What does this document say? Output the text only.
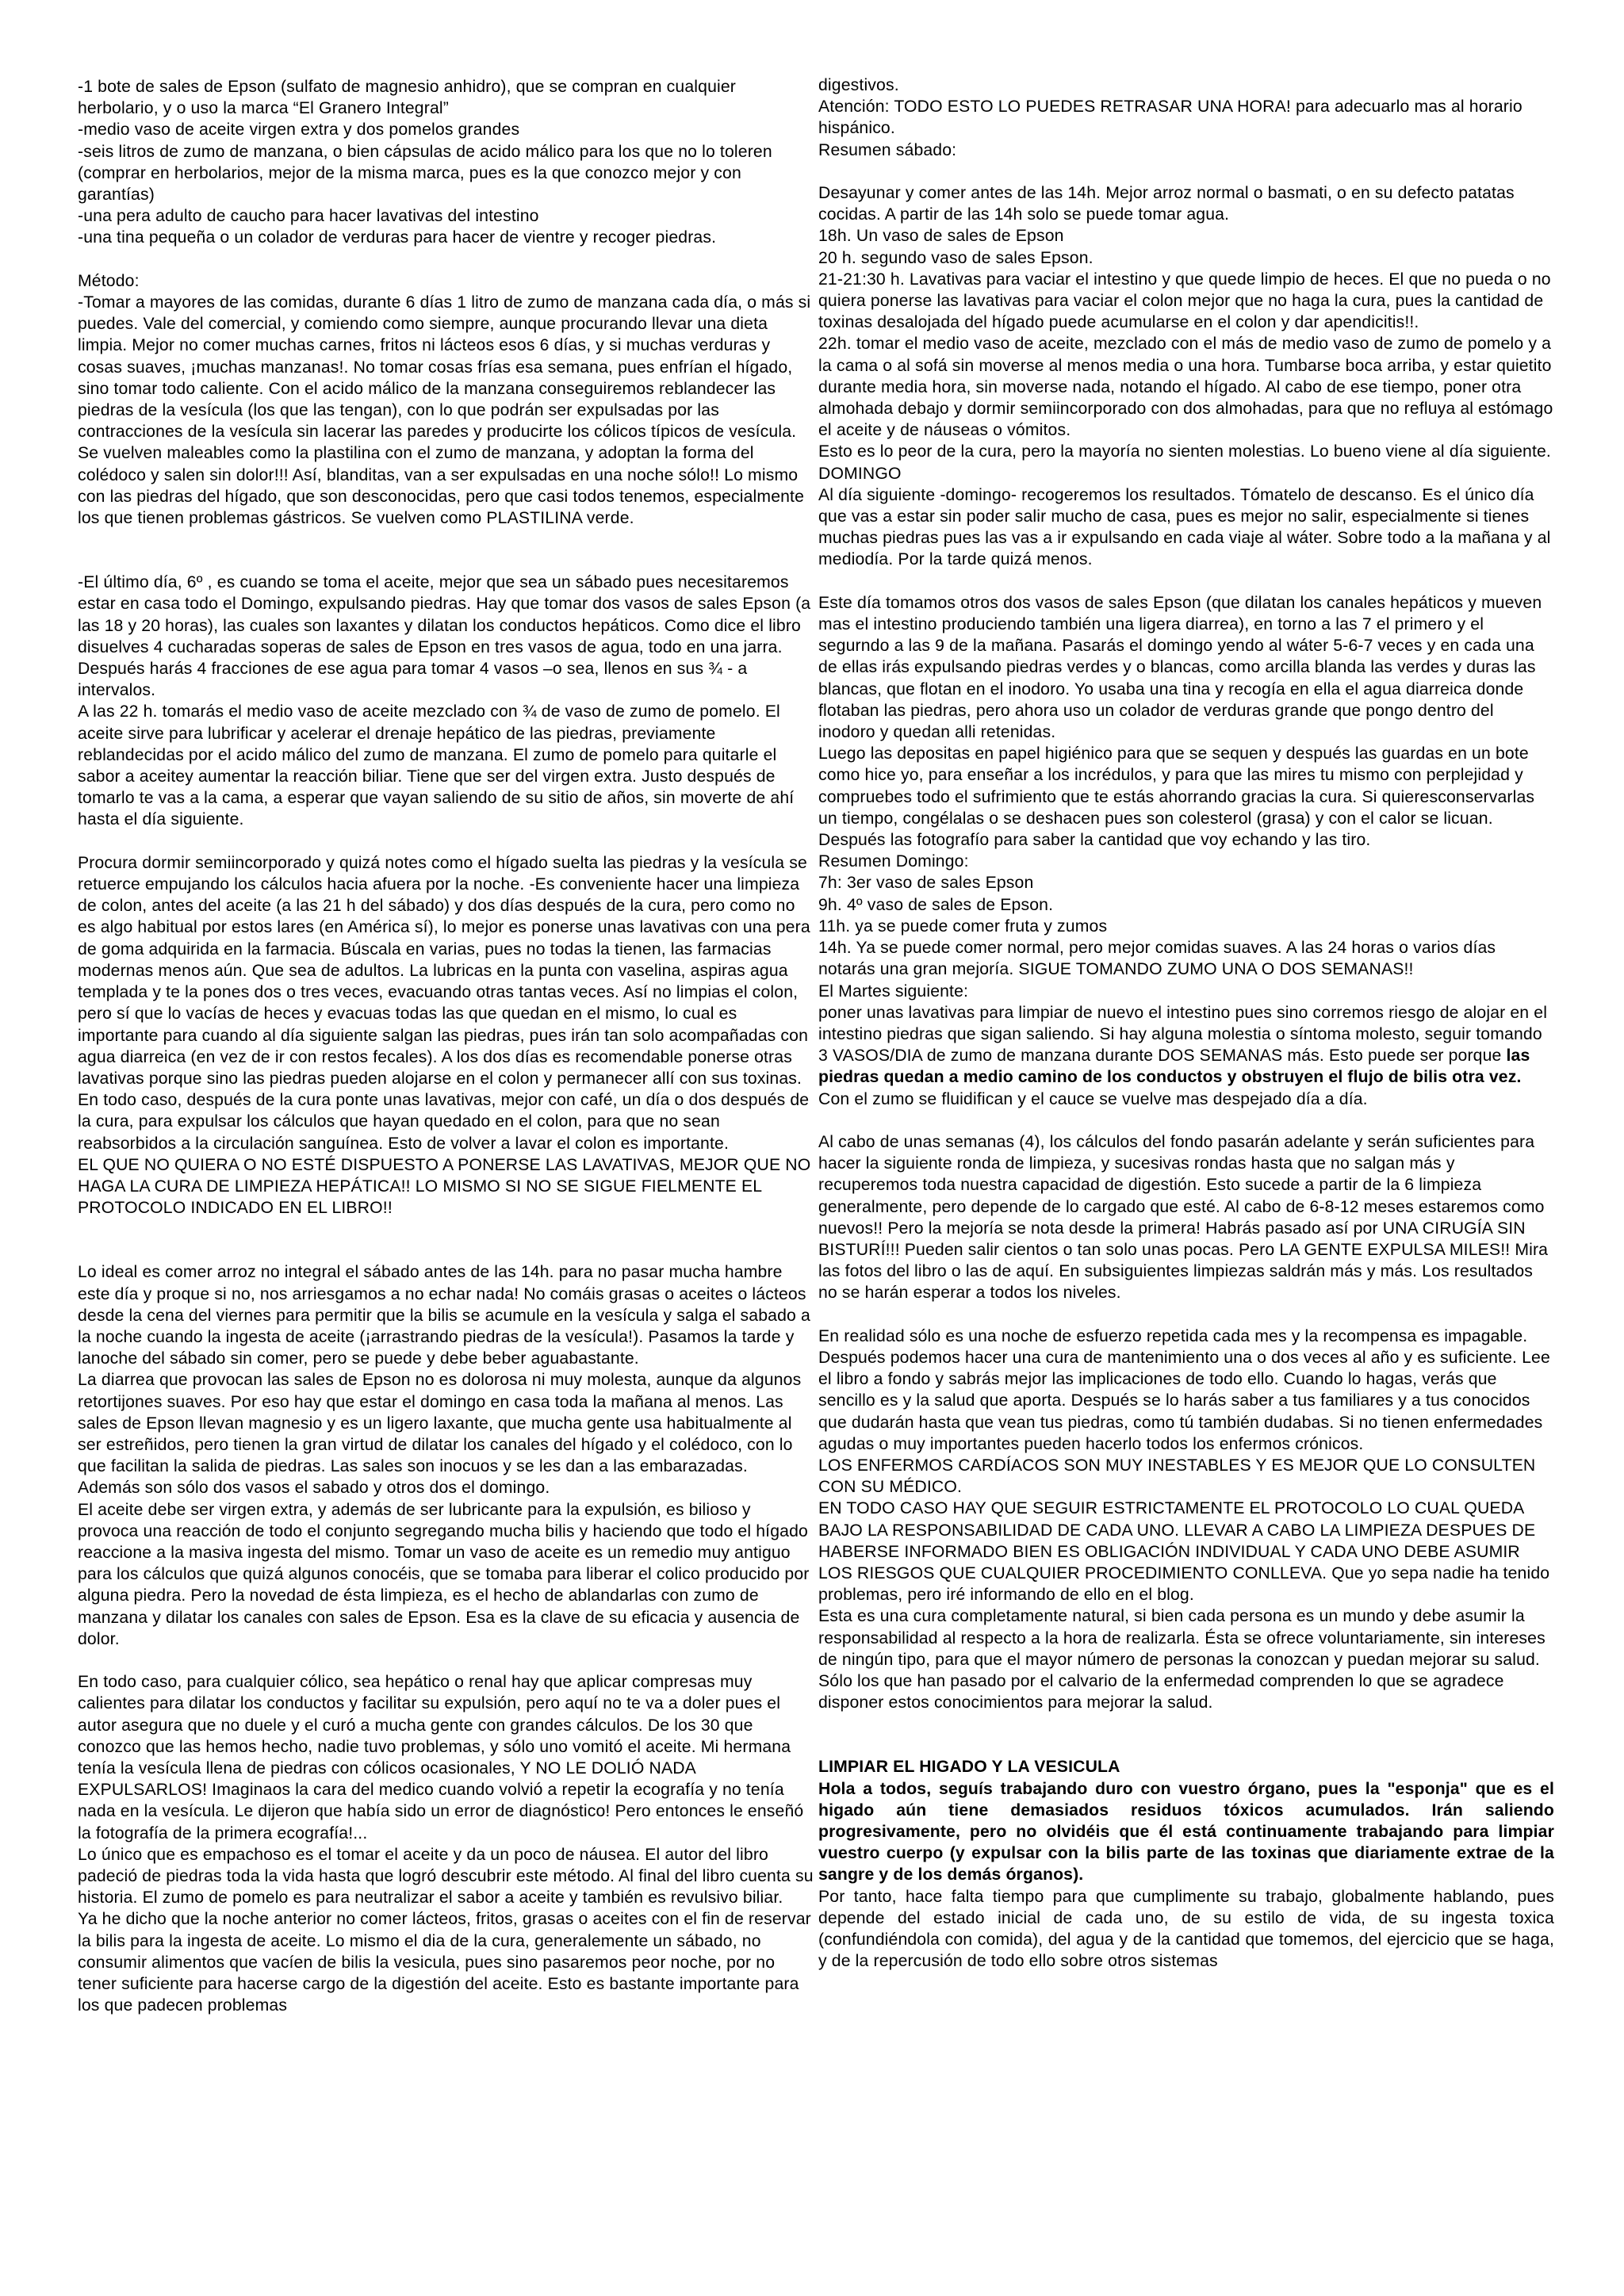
-1 bote de sales de Epson (sulfato de magnesio anhidro), que se compran en cualquier herbolario, y o uso la marca “El Granero Integral”

-medio vaso de aceite virgen extra y dos pomelos grandes

-seis litros de zumo de manzana, o bien cápsulas de acido málico para los que no lo toleren (comprar en herbolarios, mejor de la misma marca, pues es la que conozco mejor y con garantías)

-una pera adulto de caucho para hacer lavativas del intestino

-una tina pequeña o un colador de verduras para hacer de vientre y recoger piedras.

Método:

-Tomar a mayores de las comidas, durante 6 días 1 litro de zumo de manzana cada día, o más si puedes. Vale del comercial, y comiendo como siempre, aunque procurando llevar una dieta limpia. Mejor no comer muchas carnes, fritos ni lácteos esos 6 días, y si muchas verduras y cosas suaves, ¡muchas manzanas!. No tomar cosas frías esa semana, pues enfrían el hígado, sino tomar todo caliente. Con el acido málico de la manzana conseguiremos reblandecer las piedras de la vesícula (los que las tengan), con lo que podrán ser expulsadas por las contracciones de la vesícula sin lacerar las paredes y producirte los cólicos típicos de vesícula. Se vuelven maleables como la plastilina con el zumo de manzana, y adoptan la forma del colédoco y salen sin dolor!!! Así, blanditas, van a ser expulsadas en una noche sólo!! Lo mismo con las piedras del hígado, que son desconocidas, pero que casi todos tenemos, especialmente los que tienen problemas gástricos. Se vuelven como PLASTILINA verde.

-El último día, 6º , es cuando se toma el aceite, mejor que sea un sábado pues necesitaremos estar en casa todo el Domingo, expulsando piedras. Hay que tomar dos vasos de sales Epson (a las 18 y 20 horas), las cuales son laxantes y dilatan los conductos hepáticos. Como dice el libro disuelves 4 cucharadas soperas de sales de Epson en tres vasos de agua, todo en una jarra. Después harás 4 fracciones de ese agua para tomar 4 vasos –o sea, llenos en sus ¾ - a intervalos.

A las 22 h. tomarás el medio vaso de aceite mezclado con ¾ de vaso de zumo de pomelo. El aceite sirve para lubrificar y acelerar el drenaje hepático de las piedras, previamente reblandecidas por el acido málico del zumo de manzana. El zumo de pomelo para quitarle el sabor a aceitey aumentar la reacción biliar. Tiene que ser del virgen extra. Justo después de tomarlo te vas a la cama, a esperar que vayan saliendo de su sitio de años, sin moverte de ahí hasta el día siguiente.

Procura dormir semiincorporado y quizá notes como el hígado suelta las piedras y la vesícula se retuerce empujando los cálculos hacia afuera por la noche. -Es conveniente hacer una limpieza de colon, antes del aceite (a las 21 h del sábado) y dos días después de la cura, pero como no es algo habitual por estos lares (en América sí), lo mejor es ponerse unas lavativas con una pera de goma adquirida en la farmacia. Búscala en varias, pues no todas la tienen, las farmacias modernas menos aún. Que sea de adultos. La lubricas en la punta con vaselina, aspiras agua templada y te la pones dos o tres veces, evacuando otras tantas veces. Así no limpias el colon, pero sí que lo vacías de heces y evacuas todas las que quedan en el mismo, lo cual es importante para cuando al día siguiente salgan las piedras, pues irán tan solo acompañadas con agua diarreica (en vez de ir con restos fecales). A los dos días es recomendable ponerse otras lavativas porque sino las piedras pueden alojarse en el colon y permanecer allí con sus toxinas. En todo caso, después de la cura ponte unas lavativas, mejor con café, un día o dos después de la cura, para expulsar los cálculos que hayan quedado en el colon, para que no sean reabsorbidos a la circulación sanguínea. Esto de volver a lavar el colon es importante.

EL QUE NO QUIERA O NO ESTÉ DISPUESTO A PONERSE LAS LAVATIVAS, MEJOR QUE NO HAGA LA CURA DE LIMPIEZA HEPÁTICA!! LO MISMO SI NO SE SIGUE FIELMENTE EL PROTOCOLO INDICADO EN EL LIBRO!!

Lo ideal es comer arroz no integral el sábado antes de las 14h. para no pasar mucha hambre este día y proque si no, nos arriesgamos a no echar nada! No comáis grasas o aceites o lácteos desde la cena del viernes para permitir que la bilis se acumule en la vesícula y salga el sabado a la noche cuando la ingesta de aceite (¡arrastrando piedras de la vesícula!). Pasamos la tarde y lanoche del sábado sin comer, pero se puede y debe beber aguabastante.

La diarrea que provocan las sales de Epson no es dolorosa ni muy molesta, aunque da algunos retortijones suaves. Por eso hay que estar el domingo en casa toda la mañana al menos. Las sales de Epson llevan magnesio y es un ligero laxante, que mucha gente usa habitualmente al ser estreñidos, pero tienen la gran virtud de dilatar los canales del hígado y el colédoco, con lo que facilitan la salida de piedras. Las sales son inocuos y se les dan a las embarazadas. Además son sólo dos vasos el sabado y otros dos el domingo.

El aceite debe ser virgen extra, y además de ser lubricante para la expulsión, es bilioso y provoca una reacción de todo el conjunto segregando mucha bilis y haciendo que todo el hígado reaccione a la masiva ingesta del mismo. Tomar un vaso de aceite es un remedio muy antiguo para los cálculos que quizá algunos conocéis, que se tomaba para liberar el colico producido por alguna piedra. Pero la novedad de ésta limpieza, es el hecho de ablandarlas con zumo de manzana y dilatar los canales con sales de Epson. Esa es la clave de su eficacia y ausencia de dolor.

En todo caso, para cualquier cólico, sea hepático o renal hay que aplicar compresas muy calientes para dilatar los conductos y facilitar su expulsión, pero aquí no te va a doler pues el autor asegura que no duele y el curó a mucha gente con grandes cálculos. De los 30 que conozco que las hemos hecho, nadie tuvo problemas, y sólo uno vomitó el aceite. Mi hermana tenía la vesícula llena de piedras con cólicos ocasionales, Y NO LE DOLIÓ NADA EXPULSARLOS! Imaginaos la cara del medico cuando volvió a repetir la ecografía y no tenía nada en la vesícula. Le dijeron que había sido un error de diagnóstico! Pero entonces le enseñó la fotografía de la primera ecografía!...

Lo único que es empachoso es el tomar el aceite y da un poco de náusea. El autor del libro padeció de piedras toda la vida hasta que logró descubrir este método. Al final del libro cuenta su historia. El zumo de pomelo es para neutralizar el sabor a aceite y también es revulsivo biliar.

Ya he dicho que la noche anterior no comer lácteos, fritos, grasas o aceites con el fin de reservar la bilis para la ingesta de aceite. Lo mismo el dia de la cura, generalemente un sábado, no consumir alimentos que vacíen de bilis la vesicula, pues sino pasaremos peor noche, por no tener suficiente para hacerse cargo de la digestión del aceite. Esto es bastante importante para los que padecen problemas

digestivos.

Atención: TODO ESTO LO PUEDES RETRASAR UNA HORA! para adecuarlo mas al horario hispánico.

Resumen sábado:

Desayunar y comer antes de las 14h. Mejor arroz normal o basmati, o en su defecto patatas cocidas. A partir de las 14h solo se puede tomar agua.

18h. Un vaso de sales de Epson

20 h. segundo vaso de sales Epson.

21-21:30 h. Lavativas para vaciar el intestino y que quede limpio de heces. El que no pueda o no quiera ponerse las lavativas para vaciar el colon mejor que no haga la cura, pues la cantidad de toxinas desalojada del hígado puede acumularse en el colon y dar apendicitis!!.

22h. tomar el medio vaso de aceite, mezclado con el más de medio vaso de zumo de pomelo y a la cama o al sofá sin moverse al menos media o una hora. Tumbarse boca arriba, y estar quietito durante media hora, sin moverse nada, notando el hígado. Al cabo de ese tiempo, poner otra almohada debajo y dormir semiincorporado con dos almohadas, para que no refluya al estómago el aceite y de náuseas o vómitos.

Esto es lo peor de la cura, pero la mayoría no sienten molestias. Lo bueno viene al día siguiente.

DOMINGO

Al día siguiente -domingo- recogeremos los resultados. Tómatelo de descanso. Es el único día que vas a estar sin poder salir mucho de casa, pues es mejor no salir, especialmente si tienes muchas piedras pues las vas a ir expulsando en cada viaje al wáter. Sobre todo a la mañana y al mediodía. Por la tarde quizá menos.

Este día tomamos otros dos vasos de sales Epson (que dilatan los canales hepáticos y mueven mas el intestino produciendo también una ligera diarrea), en torno a las 7 el primero y el segurndo a las 9 de la mañana. Pasarás el domingo yendo al wáter 5-6-7 veces y en cada una de ellas irás expulsando piedras verdes y o blancas, como arcilla blanda las verdes y duras las blancas, que flotan en el inodoro. Yo usaba una tina y recogía en ella el agua diarreica donde flotaban las piedras, pero ahora uso un colador de verduras grande que pongo dentro del inodoro y quedan alli retenidas.

Luego las depositas en papel higiénico para que se sequen y después las guardas en un bote como hice yo, para enseñar a los incrédulos, y para que las mires tu mismo con perplejidad y compruebes todo el sufrimiento que te estás ahorrando gracias la cura. Si quieresconservarlas un tiempo, congélalas o se deshacen pues son colesterol (grasa) y con el calor se licuan. Después las fotografío para saber la cantidad que voy echando y las tiro.

Resumen Domingo:

7h: 3er vaso de sales Epson

9h. 4º vaso de sales de Epson.

11h. ya se puede comer fruta y zumos

14h. Ya se puede comer normal, pero mejor comidas suaves. A las 24 horas o varios días notarás una gran mejoría. SIGUE TOMANDO ZUMO UNA O DOS SEMANAS!!

El Martes siguiente:

poner unas lavativas para limpiar de nuevo el intestino pues sino corremos riesgo de alojar en el intestino piedras que sigan saliendo. Si hay alguna molestia o síntoma molesto, seguir tomando 3 VASOS/DIA de zumo de manzana durante DOS SEMANAS más. Esto puede ser porque las piedras quedan a medio camino de los conductos y obstruyen el flujo de bilis otra vez. Con el zumo se fluidifican y el cauce se vuelve mas despejado día a día.

Al cabo de unas semanas (4), los cálculos del fondo pasarán adelante y serán suficientes para hacer la siguiente ronda de limpieza, y sucesivas rondas hasta que no salgan más y recuperemos toda nuestra capacidad de digestión. Esto sucede a partir de la 6 limpieza generalmente, pero depende de lo cargado que esté. Al cabo de 6-8-12 meses estaremos como nuevos!! Pero la mejoría se nota desde la primera! Habrás pasado así por UNA CIRUGÍA SIN BISTURÍ!!! Pueden salir cientos o tan solo unas pocas. Pero LA GENTE EXPULSA MILES!! Mira las fotos del libro o las de aquí. En subsiguientes limpiezas saldrán más y más. Los resultados no se harán esperar a todos los niveles.

En realidad sólo es una noche de esfuerzo repetida cada mes y la recompensa es impagable. Después podemos hacer una cura de mantenimiento una o dos veces al año y es suficiente. Lee el libro a fondo y sabrás mejor las implicaciones de todo ello. Cuando lo hagas, verás que sencillo es y la salud que aporta. Después se lo harás saber a tus familiares y a tus conocidos que dudarán hasta que vean tus piedras, como tú también dudabas. Si no tienen enfermedades agudas o muy importantes pueden hacerlo todos los enfermos crónicos.

LOS ENFERMOS CARDÍACOS SON MUY INESTABLES Y ES MEJOR QUE LO CONSULTEN CON SU MÉDICO.

EN TODO CASO HAY QUE SEGUIR ESTRICTAMENTE EL PROTOCOLO LO CUAL QUEDA BAJO LA RESPONSABILIDAD DE CADA UNO. LLEVAR A CABO LA LIMPIEZA DESPUES DE HABERSE INFORMADO BIEN ES OBLIGACIÓN INDIVIDUAL Y CADA UNO DEBE ASUMIR LOS RIESGOS QUE CUALQUIER PROCEDIMIENTO CONLLEVA. Que yo sepa nadie ha tenido problemas, pero iré informando de ello en el blog.

Esta es una cura completamente natural, si bien cada persona es un mundo y debe asumir la responsabilidad al respecto a la hora de realizarla. Ésta se ofrece voluntariamente, sin intereses de ningún tipo, para que el mayor número de personas la conozcan y puedan mejorar su salud. Sólo los que han pasado por el calvario de la enfermedad comprenden lo que se agradece disponer estos conocimientos para mejorar la salud.

LIMPIAR EL HIGADO Y LA VESICULA

Hola a todos, seguís trabajando duro con vuestro órgano, pues la "esponja" que es el higado aún tiene demasiados residuos tóxicos acumulados. Irán saliendo progresivamente, pero no olvidéis que él está continuamente trabajando para limpiar vuestro cuerpo (y expulsar con la bilis parte de las toxinas que diariamente extrae de la sangre y de los demás órganos).

Por tanto, hace falta tiempo para que cumplimente su trabajo, globalmente hablando, pues depende del estado inicial de cada uno, de su estilo de vida, de su ingesta toxica (confundiéndola con comida), del agua y de la cantidad que tomemos, del ejercicio que se haga, y de la repercusión de todo ello sobre otros sistemas
